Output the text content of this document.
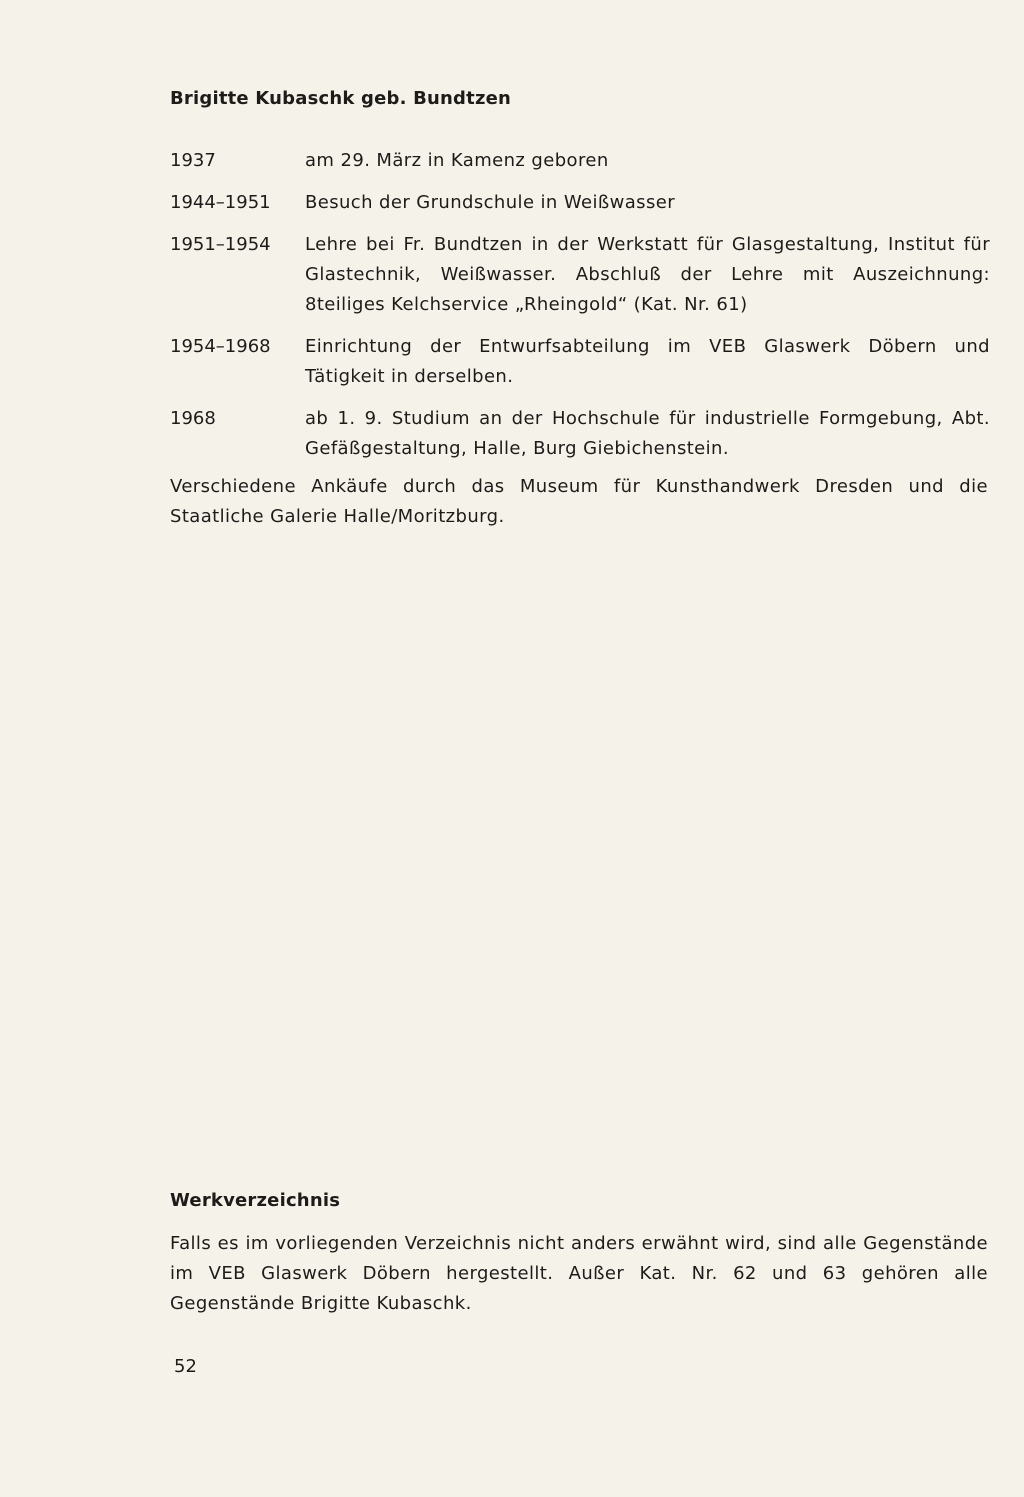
Brigitte Kubaschk geb. Bundtzen
1937	am 29. März in Kamenz geboren
1944–1951	Besuch der Grundschule in Weißwasser
1951–1954	Lehre bei Fr. Bundtzen in der Werkstatt für Glasgestaltung, Institut für Glastechnik, Weißwasser. Abschluß der Lehre mit Auszeichnung: 8teiliges Kelchservice „Rheingold“ (Kat. Nr. 61)
1954–1968	Einrichtung der Entwurfsabteilung im VEB Glaswerk Döbern und Tätigkeit in derselben.
1968	ab 1. 9. Studium an der Hochschule für industrielle Formgebung, Abt. Gefäßgestaltung, Halle, Burg Giebichenstein.

Verschiedene Ankäufe durch das Museum für Kunsthandwerk Dresden und die Staatliche Galerie Halle/Moritzburg.

Werkverzeichnis

Falls es im vorliegenden Verzeichnis nicht anders erwähnt wird, sind alle Gegenstände im VEB Glaswerk Döbern hergestellt. Außer Kat. Nr. 62 und 63 gehören alle Gegenstände Brigitte Kubaschk.

52
